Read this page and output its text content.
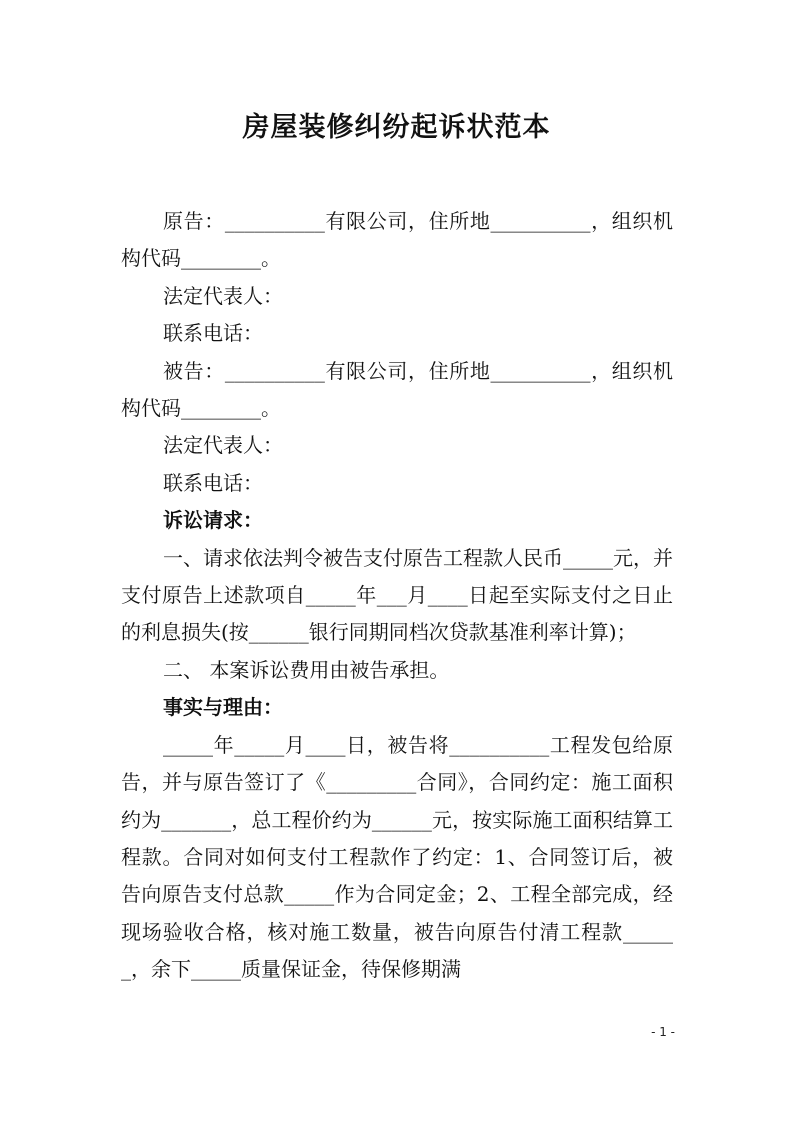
房屋装修纠纷起诉状范本

原告：__________有限公司，住所地__________，组织机构代码________。

法定代表人：

联系电话：

被告：__________有限公司，住所地__________，组织机构代码________。

法定代表人：

联系电话：

诉讼请求：

一、请求依法判令被告支付原告工程款人民币_____元，并支付原告上述款项自_____年___月____日起至实际支付之日止的利息损失(按______银行同期同档次贷款基准利率计算)；

二、 本案诉讼费用由被告承担。

事实与理由：

_____年_____月____日，被告将__________工程发包给原告，并与原告签订了《_________合同》，合同约定：施工面积约为_______，总工程价约为______元，按实际施工面积结算工程款。合同对如何支付工程款作了约定：1、合同签订后，被告向原告支付总款_____作为合同定金；2、工程全部完成，经现场验收合格，核对施工数量，被告向原告付清工程款______，余下_____质量保证金，待保修期满

- 1 -
